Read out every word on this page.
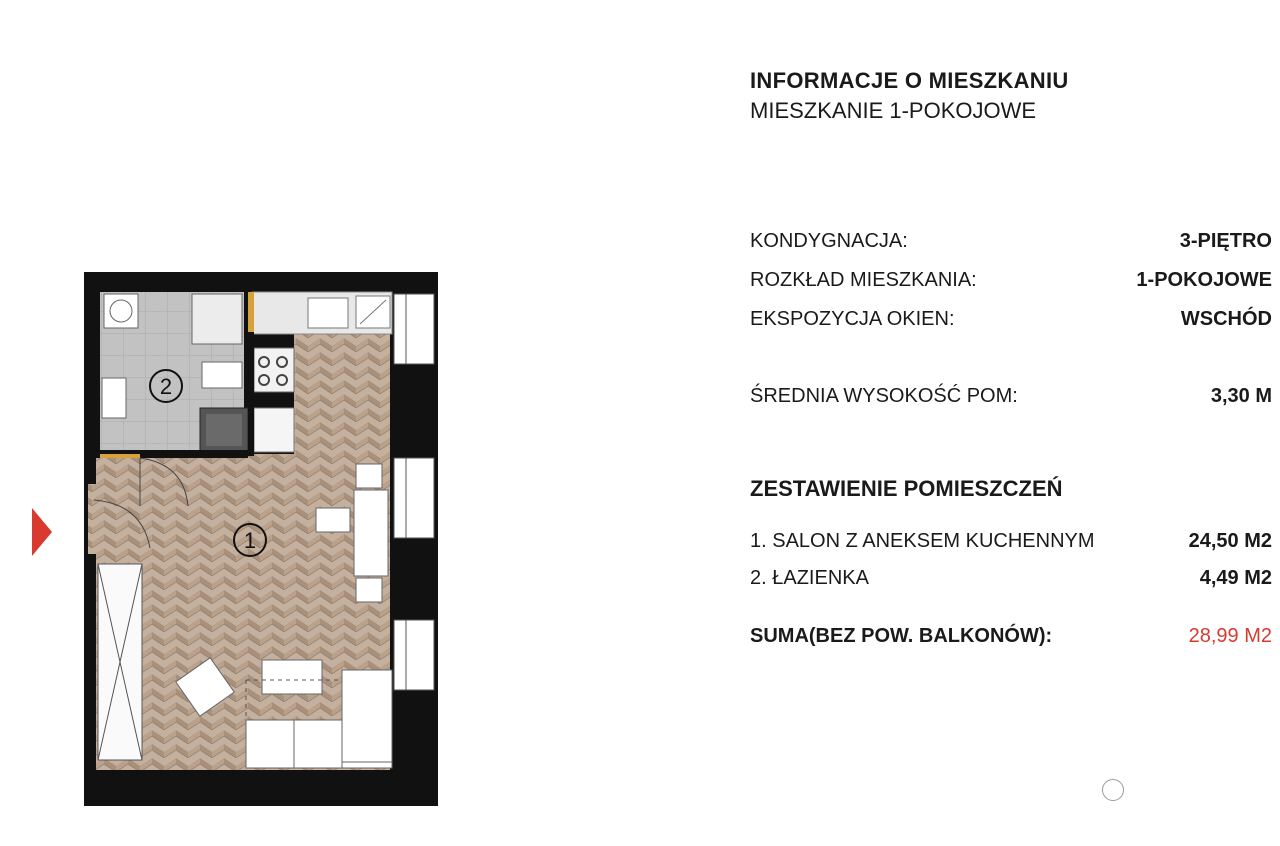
1
2

INFORMACJE O MIESZKANIU

MIESZKANIE 1-POKOJOWE

KONDYGNACJA:	3-PIĘTRO
ROZKŁAD MIESZKANIA:	1-POKOJOWE
EKSPOZYCJA OKIEN:	WSCHÓD
ŚREDNIA WYSOKOŚĆ POM:	3,30 M
ZESTAWIENIE POMIESZCZEŃ
1. SALON Z ANEKSEM KUCHENNYM	24,50 M2
2. ŁAZIENKA	4,49 M2
SUMA(BEZ POW. BALKONÓW):	28,99 M2
